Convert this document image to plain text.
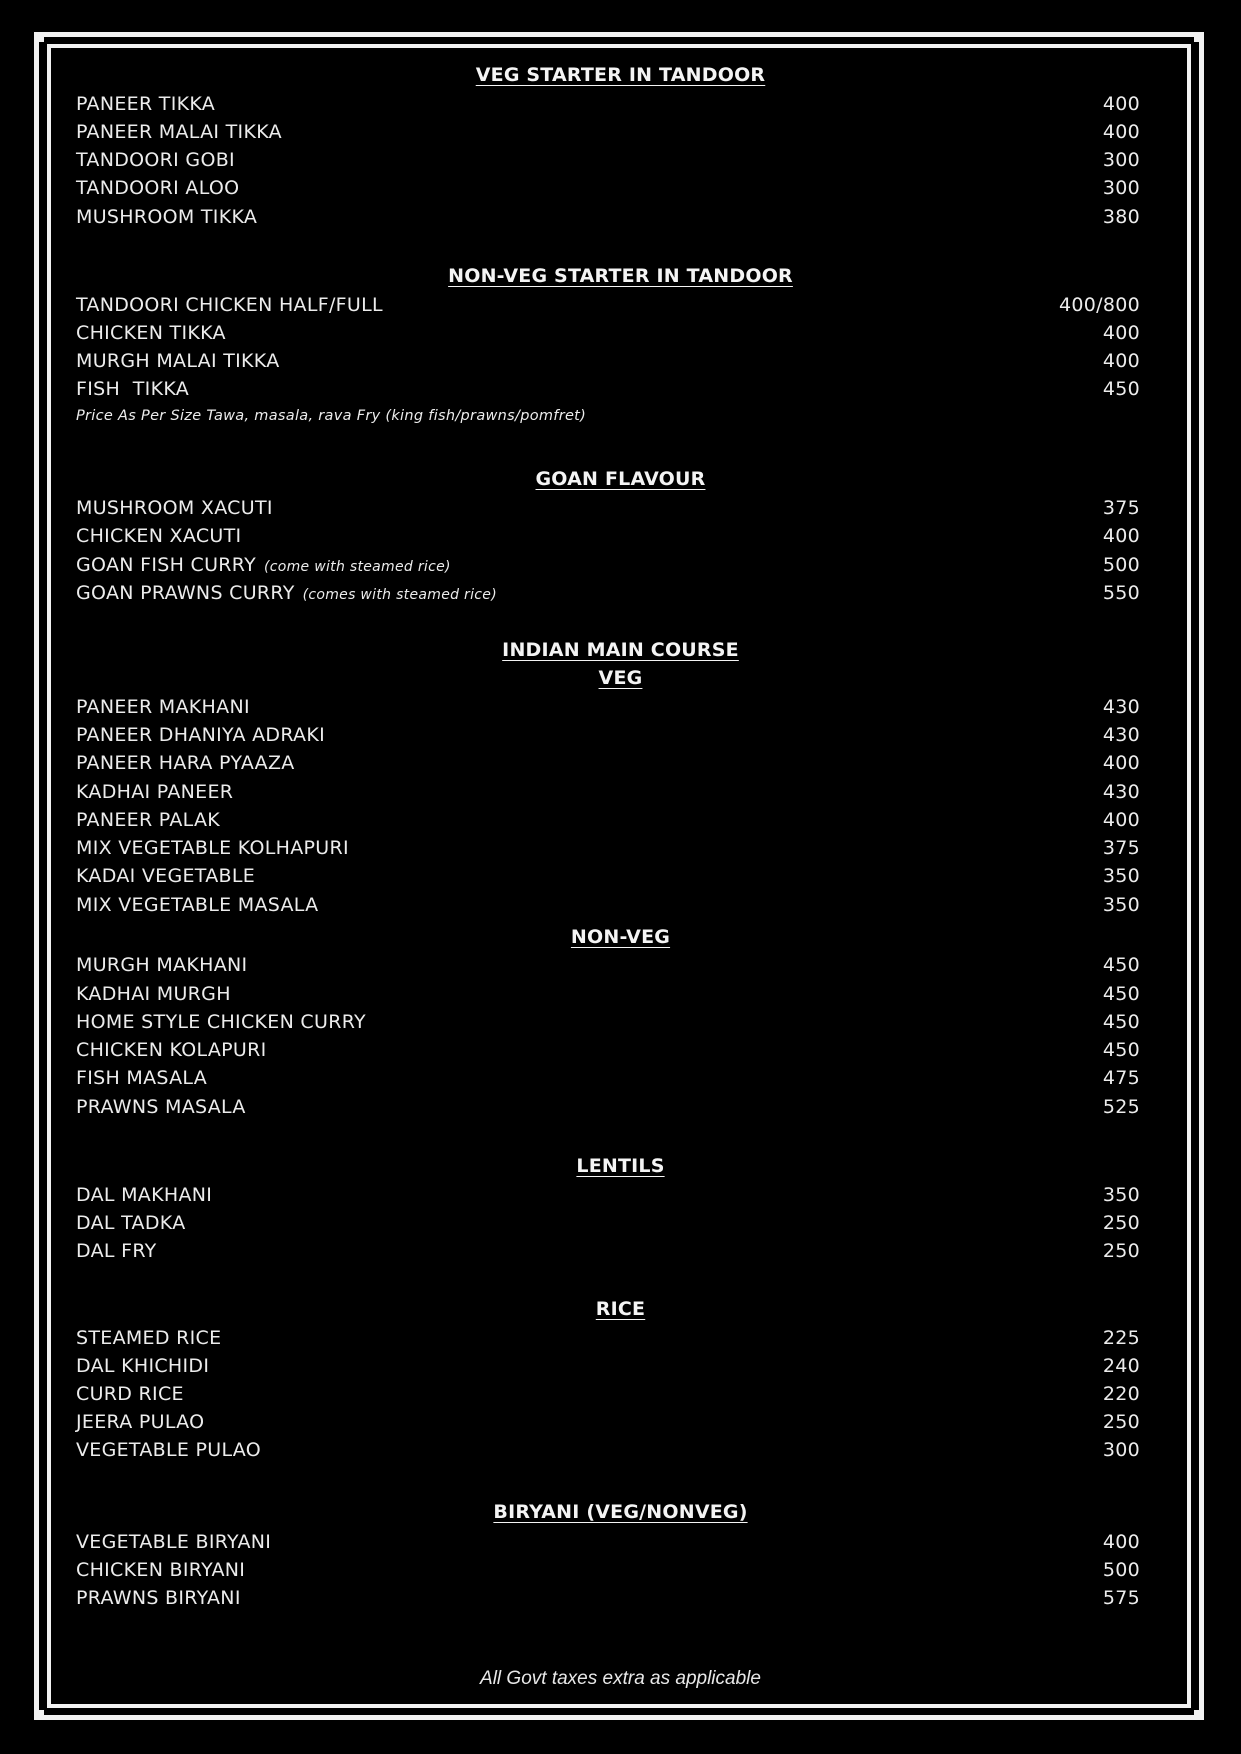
VEG STARTER IN TANDOOR
PANEER TIKKA	400
PANEER MALAI TIKKA	400
TANDOORI GOBI	300
TANDOORI ALOO	300
MUSHROOM TIKKA	380
NON-VEG STARTER IN TANDOOR
TANDOORI CHICKEN HALF/FULL	400/800
CHICKEN TIKKA	400
MURGH MALAI TIKKA	400
FISH  TIKKA	450
Price As Per Size Tawa, masala, rava Fry (king fish/prawns/pomfret)
GOAN FLAVOUR
MUSHROOM XACUTI	375
CHICKEN XACUTI	400
GOAN FISH CURRY (come with steamed rice)	500
GOAN PRAWNS CURRY (comes with steamed rice)	550
INDIAN MAIN COURSE
VEG
PANEER MAKHANI	430
PANEER DHANIYA ADRAKI	430
PANEER HARA PYAAZA	400
KADHAI PANEER	430
PANEER PALAK	400
MIX VEGETABLE KOLHAPURI	375
KADAI VEGETABLE	350
MIX VEGETABLE MASALA	350
NON-VEG
MURGH MAKHANI	450
KADHAI MURGH	450
HOME STYLE CHICKEN CURRY	450
CHICKEN KOLAPURI	450
FISH MASALA	475
PRAWNS MASALA	525
LENTILS
DAL MAKHANI	350
DAL TADKA	250
DAL FRY	250
RICE
STEAMED RICE	225
DAL KHICHIDI	240
CURD RICE	220
JEERA PULAO	250
VEGETABLE PULAO	300
BIRYANI (VEG/NONVEG)
VEGETABLE BIRYANI	400
CHICKEN BIRYANI	500
PRAWNS BIRYANI	575
All Govt taxes extra as applicable
